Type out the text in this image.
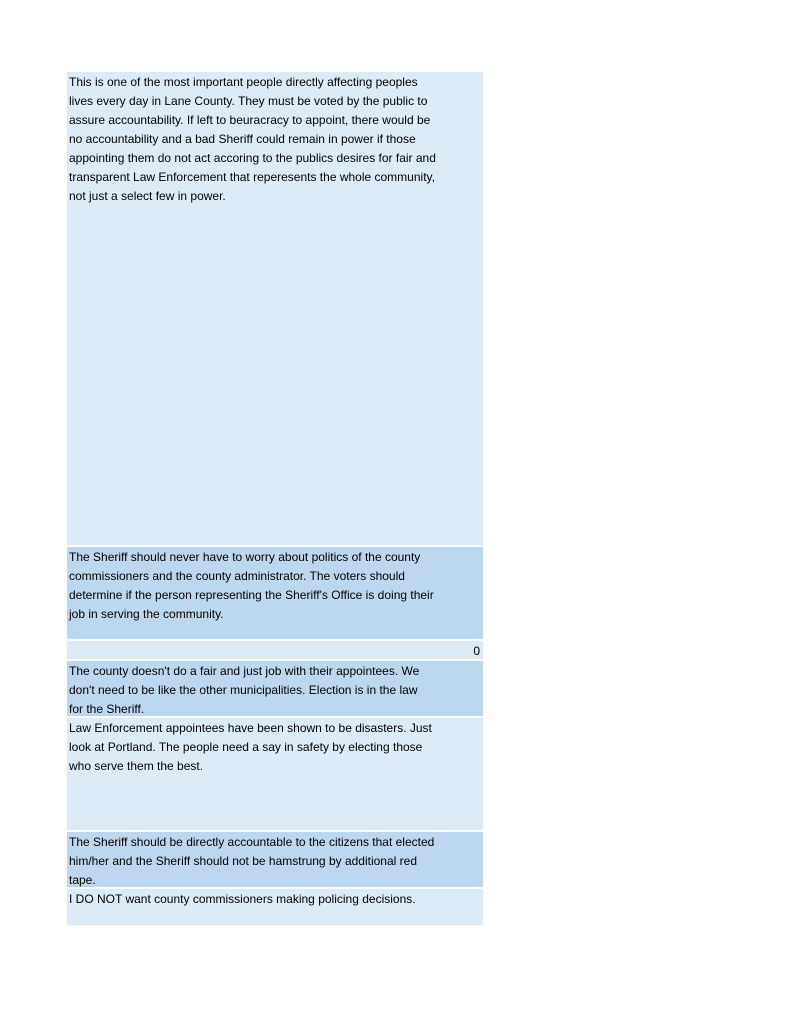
This is one of the most important people directly affecting peoples
lives every day in Lane County. They must be voted by the public to
assure accountability. If left to beuracracy to appoint, there would be
no accountability and a bad Sheriff could remain in power if those
appointing them do not act accoring to the publics desires for fair and
transparent Law Enforcement that reperesents the whole community,
not just a select few in power.
The Sheriff should never have to worry about politics of the county
commissioners and the county administrator. The voters should
determine if the person representing the Sheriff's Office is doing their
job in serving the community.
0
The county doesn't do a fair and just job with their appointees. We
don't need to be like the other municipalities. Election is in the law
for the Sheriff.
Law Enforcement appointees have been shown to be disasters. Just
look at Portland. The people need a say in safety by electing those
who serve them the best.
The Sheriff should be directly accountable to the citizens that elected
him/her and the Sheriff should not be hamstrung by additional red
tape.
I DO NOT want county commissioners making policing decisions.
